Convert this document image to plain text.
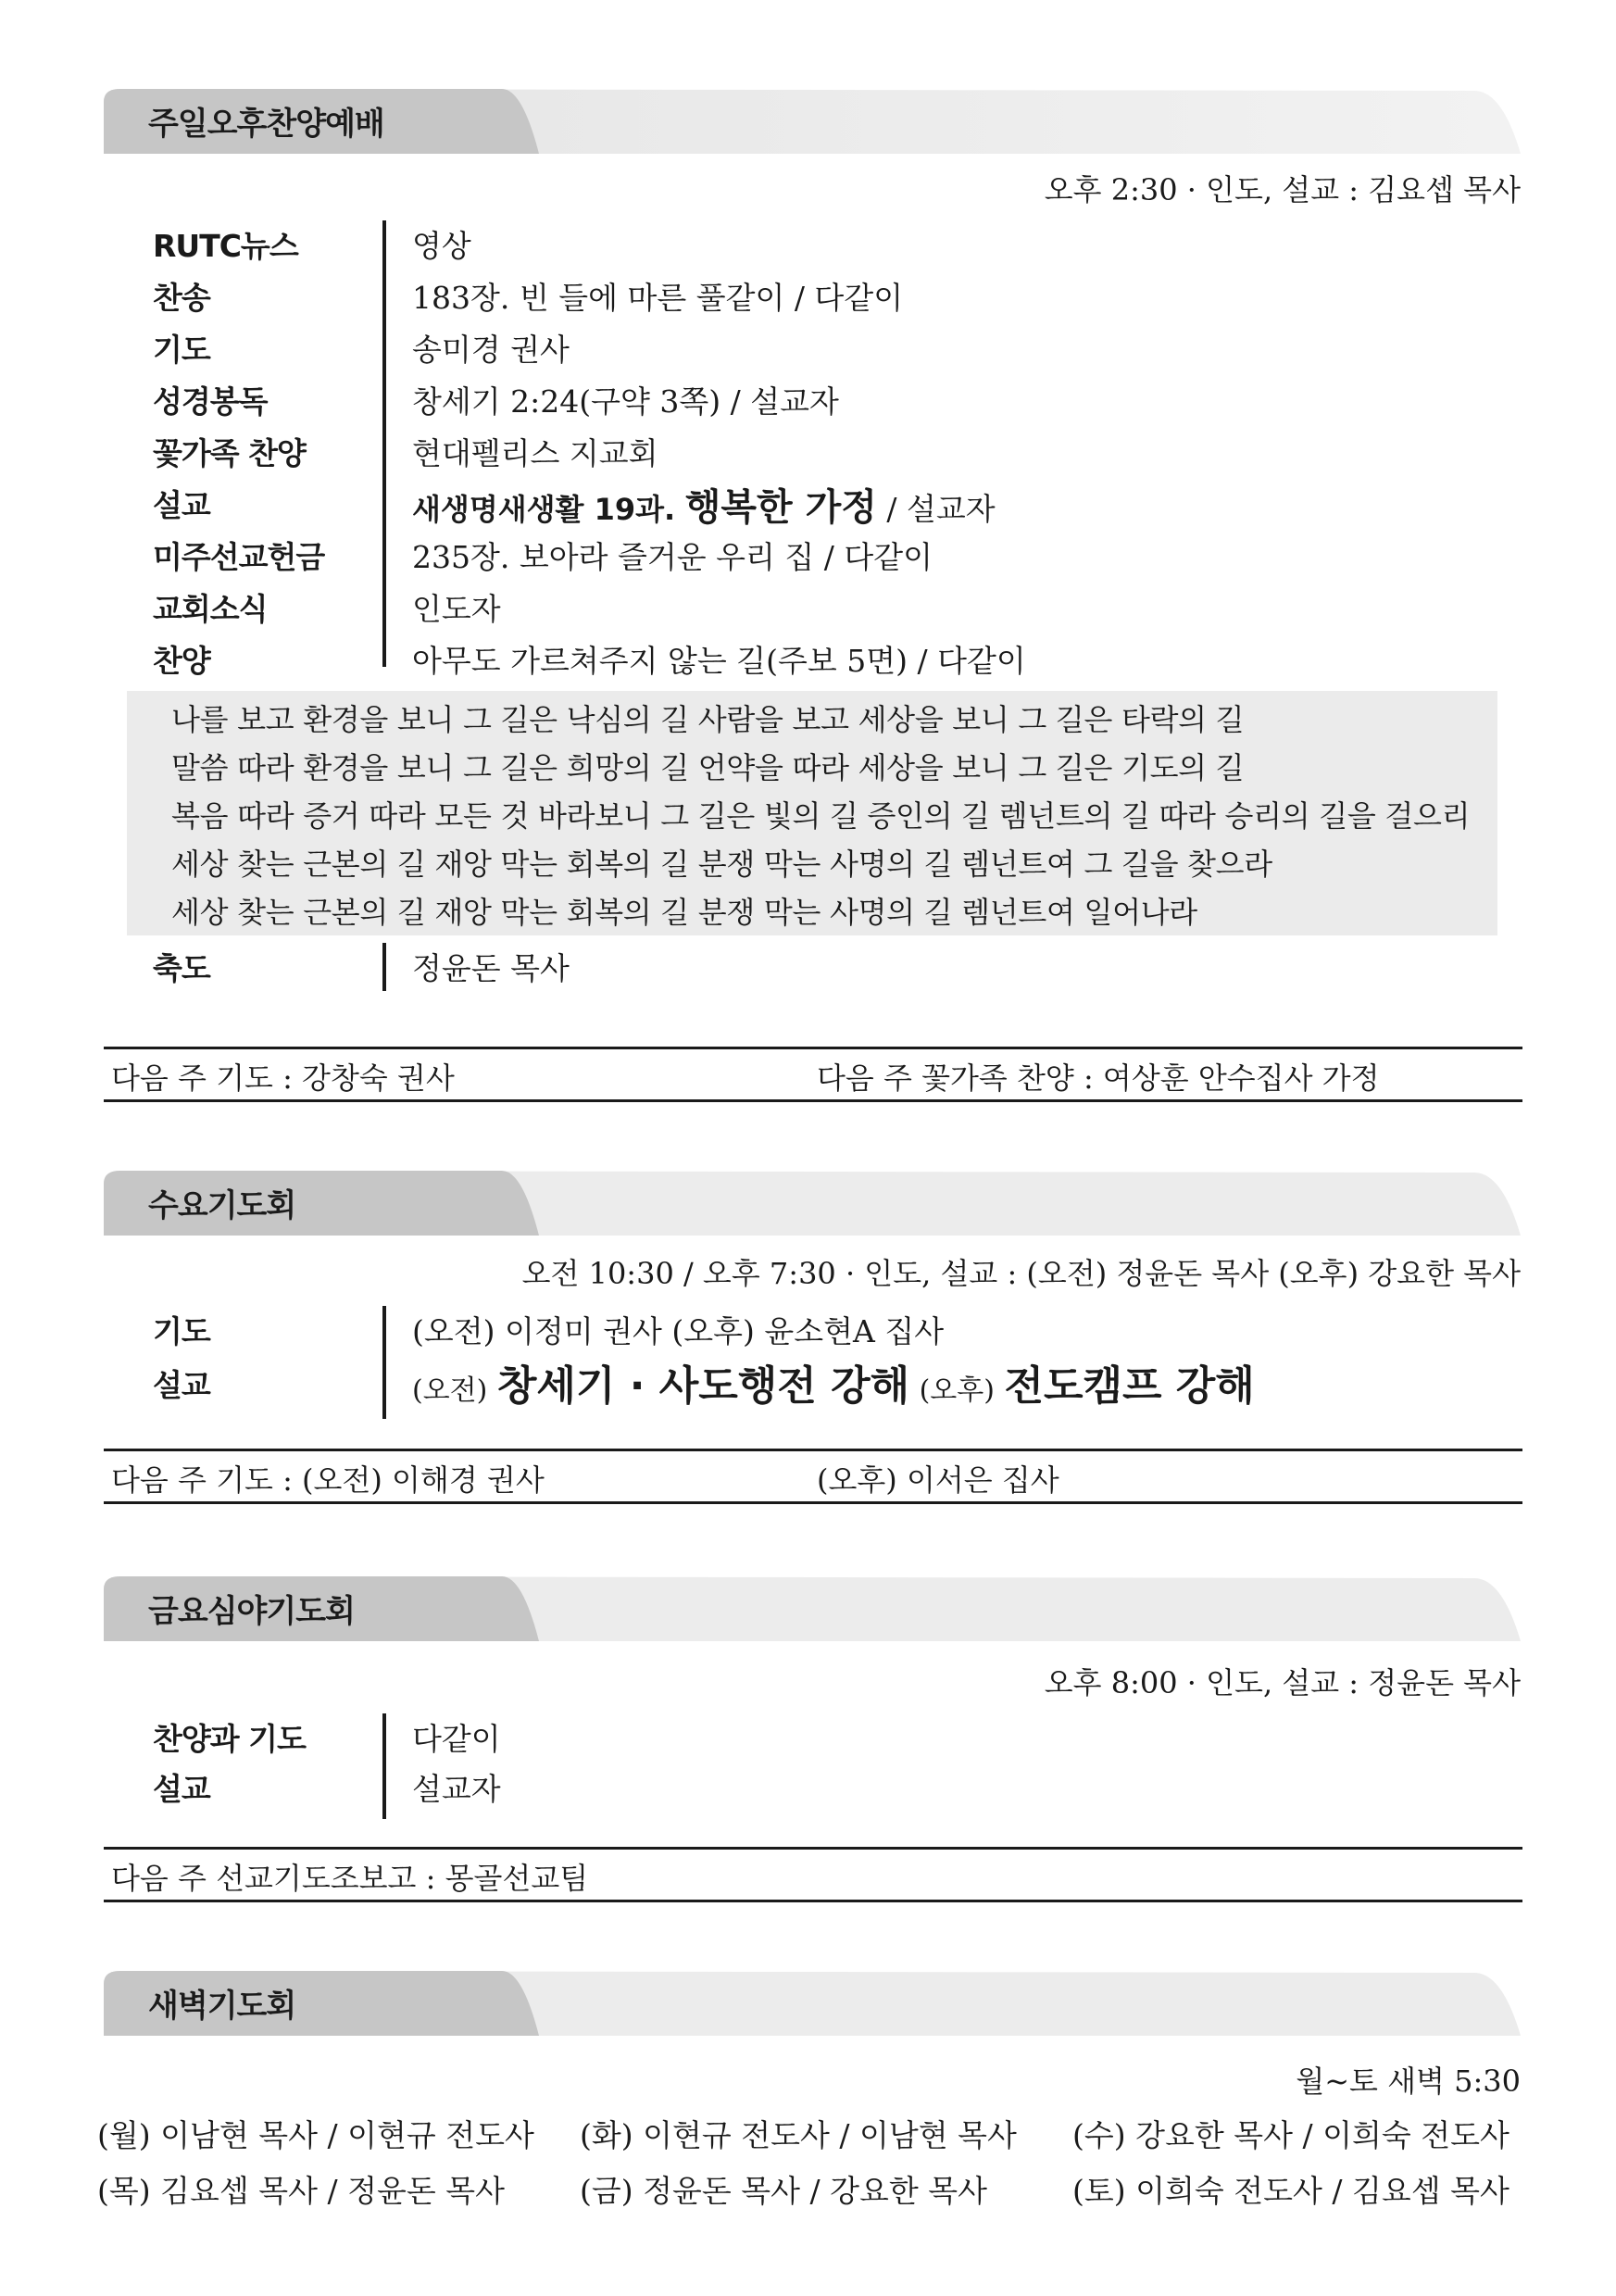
주일오후찬양예배
오후 2:30 · 인도, 설교 : 김요셉 목사
RUTC뉴스	영상
찬송	183장. 빈 들에 마른 풀같이 / 다같이
기도	송미경 권사
성경봉독	창세기 2:24(구약 3쪽) / 설교자
꽃가족 찬양	현대펠리스 지교회
설교	새생명새생활 19과. 행복한 가정 / 설교자
미주선교헌금	235장. 보아라 즐거운 우리 집 / 다같이
교회소식	인도자
찬양	아무도 가르쳐주지 않는 길(주보 5면) / 다같이
나를 보고 환경을 보니 그 길은 낙심의 길 사람을 보고 세상을 보니 그 길은 타락의 길
말씀 따라 환경을 보니 그 길은 희망의 길 언약을 따라 세상을 보니 그 길은 기도의 길
복음 따라 증거 따라 모든 것 바라보니 그 길은 빛의 길 증인의 길 렘넌트의 길 따라 승리의 길을 걸으리
세상 찾는 근본의 길 재앙 막는 회복의 길 분쟁 막는 사명의 길 렘넌트여 그 길을 찾으라
세상 찾는 근본의 길 재앙 막는 회복의 길 분쟁 막는 사명의 길 렘넌트여 일어나라
축도	정윤돈 목사
다음 주 기도 : 강창숙 권사	다음 주 꽃가족 찬양 : 여상훈 안수집사 가정
수요기도회
오전 10:30 / 오후 7:30 · 인도, 설교 : (오전) 정윤돈 목사 (오후) 강요한 목사
기도	(오전) 이정미 권사 (오후) 윤소현A 집사
설교	(오전) 창세기 · 사도행전 강해 (오후) 전도캠프 강해
다음 주 기도 : (오전) 이해경 권사	(오후) 이서은 집사
금요심야기도회
오후 8:00 · 인도, 설교 : 정윤돈 목사
찬양과 기도	다같이
설교	설교자
다음 주 선교기도조보고 : 몽골선교팀
새벽기도회
월~토 새벽 5:30
(월) 이남현 목사 / 이현규 전도사 (화) 이현규 전도사 / 이남현 목사 (수) 강요한 목사 / 이희숙 전도사
(목) 김요셉 목사 / 정윤돈 목사 (금) 정윤돈 목사 / 강요한 목사	(토) 이희숙 전도사 / 김요셉 목사
